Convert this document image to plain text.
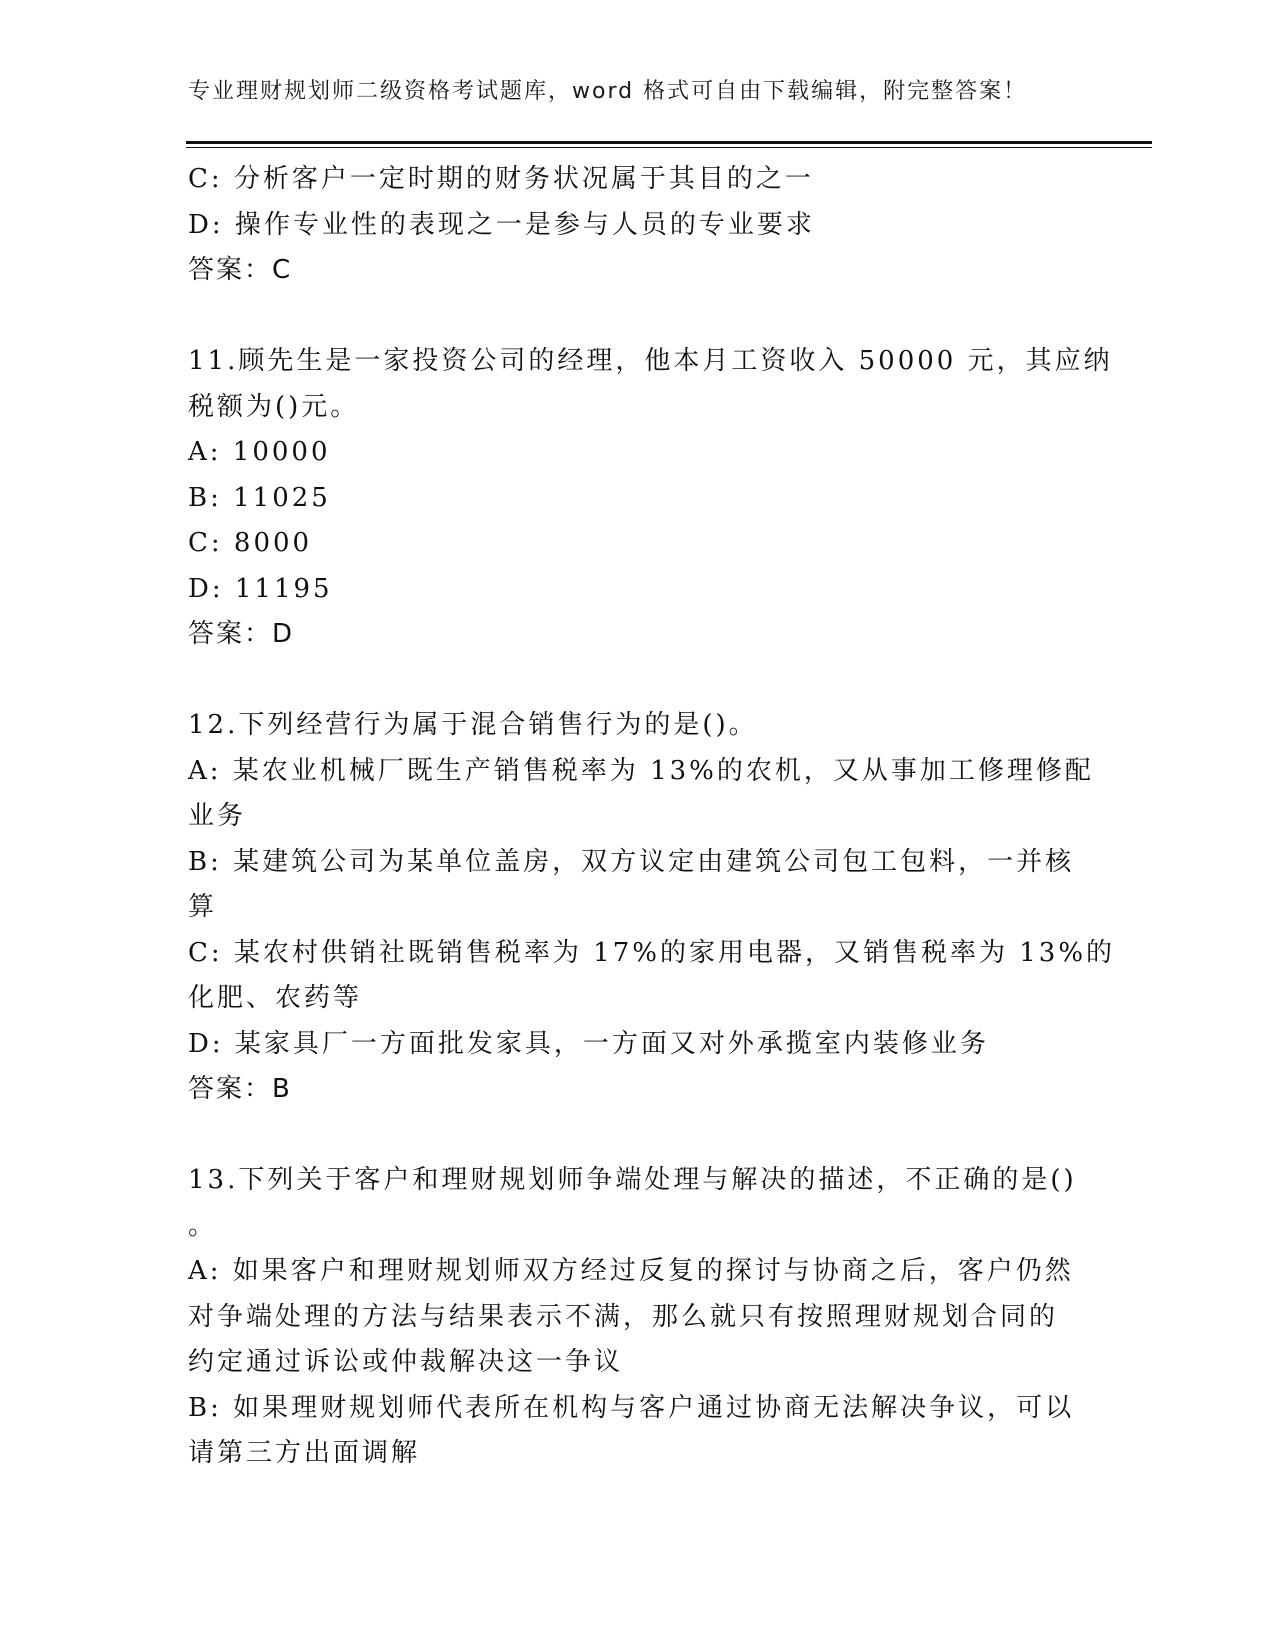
专业理财规划师二级资格考试题库，word 格式可自由下载编辑，附完整答案！
C: 分析客户一定时期的财务状况属于其目的之一
D: 操作专业性的表现之一是参与人员的专业要求
答案：C
11.顾先生是一家投资公司的经理，他本月工资收入 50000 元，其应纳
税额为()元。
A: 10000
B: 11025
C: 8000
D: 11195
答案：D
12.下列经营行为属于混合销售行为的是()。
A: 某农业机械厂既生产销售税率为 13%的农机，又从事加工修理修配
业务
B: 某建筑公司为某单位盖房，双方议定由建筑公司包工包料，一并核
算
C: 某农村供销社既销售税率为 17%的家用电器，又销售税率为 13%的
化肥、农药等
D: 某家具厂一方面批发家具，一方面又对外承揽室内装修业务
答案：B
13.下列关于客户和理财规划师争端处理与解决的描述，不正确的是()
。
A: 如果客户和理财规划师双方经过反复的探讨与协商之后，客户仍然
对争端处理的方法与结果表示不满，那么就只有按照理财规划合同的
约定通过诉讼或仲裁解决这一争议
B: 如果理财规划师代表所在机构与客户通过协商无法解决争议，可以
请第三方出面调解
